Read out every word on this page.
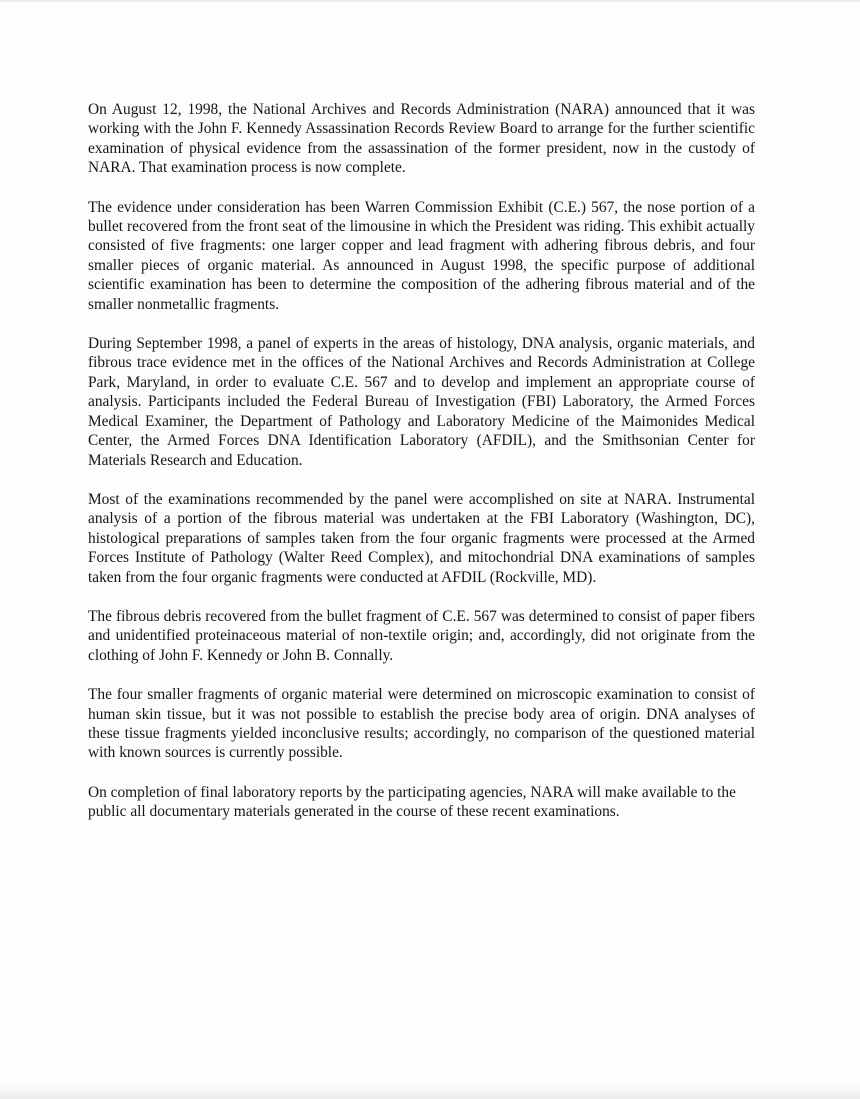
On August 12, 1998, the National Archives and Records Administration (NARA) announced that it was working with the John F. Kennedy Assassination Records Review Board to arrange for the further scientific examination of physical evidence from the assassination of the former president, now in the custody of NARA. That examination process is now complete.

The evidence under consideration has been Warren Commission Exhibit (C.E.) 567, the nose portion of a bullet recovered from the front seat of the limousine in which the President was riding. This exhibit actually consisted of five fragments: one larger copper and lead fragment with adhering fibrous debris, and four smaller pieces of organic material. As announced in August 1998, the specific purpose of additional scientific examination has been to determine the composition of the adhering fibrous material and of the smaller nonmetallic fragments.

During September 1998, a panel of experts in the areas of histology, DNA analysis, organic materials, and fibrous trace evidence met in the offices of the National Archives and Records Administration at College Park, Maryland, in order to evaluate C.E. 567 and to develop and implement an appropriate course of analysis. Participants included the Federal Bureau of Investigation (FBI) Laboratory, the Armed Forces Medical Examiner, the Department of Pathology and Laboratory Medicine of the Maimonides Medical Center, the Armed Forces DNA Identification Laboratory (AFDIL), and the Smithsonian Center for Materials Research and Education.

Most of the examinations recommended by the panel were accomplished on site at NARA. Instrumental analysis of a portion of the fibrous material was undertaken at the FBI Laboratory (Washington, DC), histological preparations of samples taken from the four organic fragments were processed at the Armed Forces Institute of Pathology (Walter Reed Complex), and mitochondrial DNA examinations of samples taken from the four organic fragments were conducted at AFDIL (Rockville, MD).

The fibrous debris recovered from the bullet fragment of C.E. 567 was determined to consist of paper fibers and unidentified proteinaceous material of non-textile origin; and, accordingly, did not originate from the clothing of John F. Kennedy or John B. Connally.

The four smaller fragments of organic material were determined on microscopic examination to consist of human skin tissue, but it was not possible to establish the precise body area of origin. DNA analyses of these tissue fragments yielded inconclusive results; accordingly, no comparison of the questioned material with known sources is currently possible.

On completion of final laboratory reports by the participating agencies, NARA will make available to the public all documentary materials generated in the course of these recent examinations.
